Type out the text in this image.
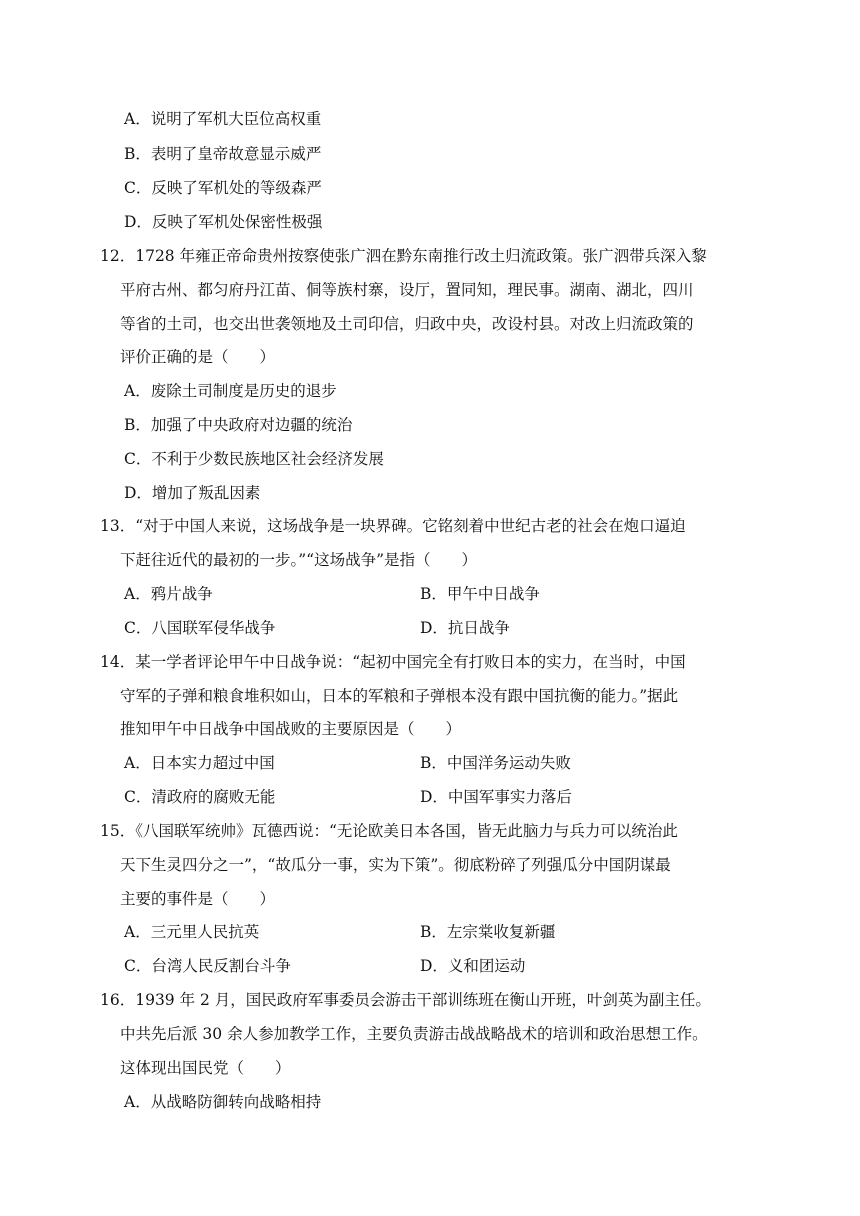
A．说明了军机大臣位高权重
B．表明了皇帝故意显示威严
C．反映了军机处的等级森严
D．反映了军机处保密性极强
12．1728 年雍正帝命贵州按察使张广泗在黔东南推行改土归流政策。张广泗带兵深入黎
平府古州、都匀府丹江苗、侗等族村寨，设厅，置同知，理民事。湖南、湖北，四川
等省的土司，也交出世袭领地及土司印信，归政中央，改设村县。对改上归流政策的
评价正确的是（　　）
A．废除土司制度是历史的退步
B．加强了中央政府对边疆的统治
C．不利于少数民族地区社会经济发展
D．增加了叛乱因素
13．“对于中国人来说，这场战争是一块界碑。它铭刻着中世纪古老的社会在炮口逼迫
下赶往近代的最初的一步。”“这场战争”是指（　　）
A．鸦片战争	B．甲午中日战争
C．八国联军侵华战争	D．抗日战争
14．某一学者评论甲午中日战争说：“起初中国完全有打败日本的实力，在当时，中国
守军的子弹和粮食堆积如山，日本的军粮和子弹根本没有跟中国抗衡的能力。”据此
推知甲午中日战争中国战败的主要原因是（　　）
A．日本实力超过中国	B．中国洋务运动失败
C．清政府的腐败无能	D．中国军事实力落后
15．《八国联军统帅》瓦德西说：“无论欧美日本各国，皆无此脑力与兵力可以统治此
天下生灵四分之一”，“故瓜分一事，实为下策”。彻底粉碎了列强瓜分中国阴谋最
主要的事件是（　　）
A．三元里人民抗英	B．左宗棠收复新疆
C．台湾人民反割台斗争	D．义和团运动
16．1939 年 2 月，国民政府军事委员会游击干部训练班在衡山开班，叶剑英为副主任。
中共先后派 30 余人参加教学工作，主要负责游击战战略战术的培训和政治思想工作。
这体现出国民党（　　）
A．从战略防御转向战略相持
